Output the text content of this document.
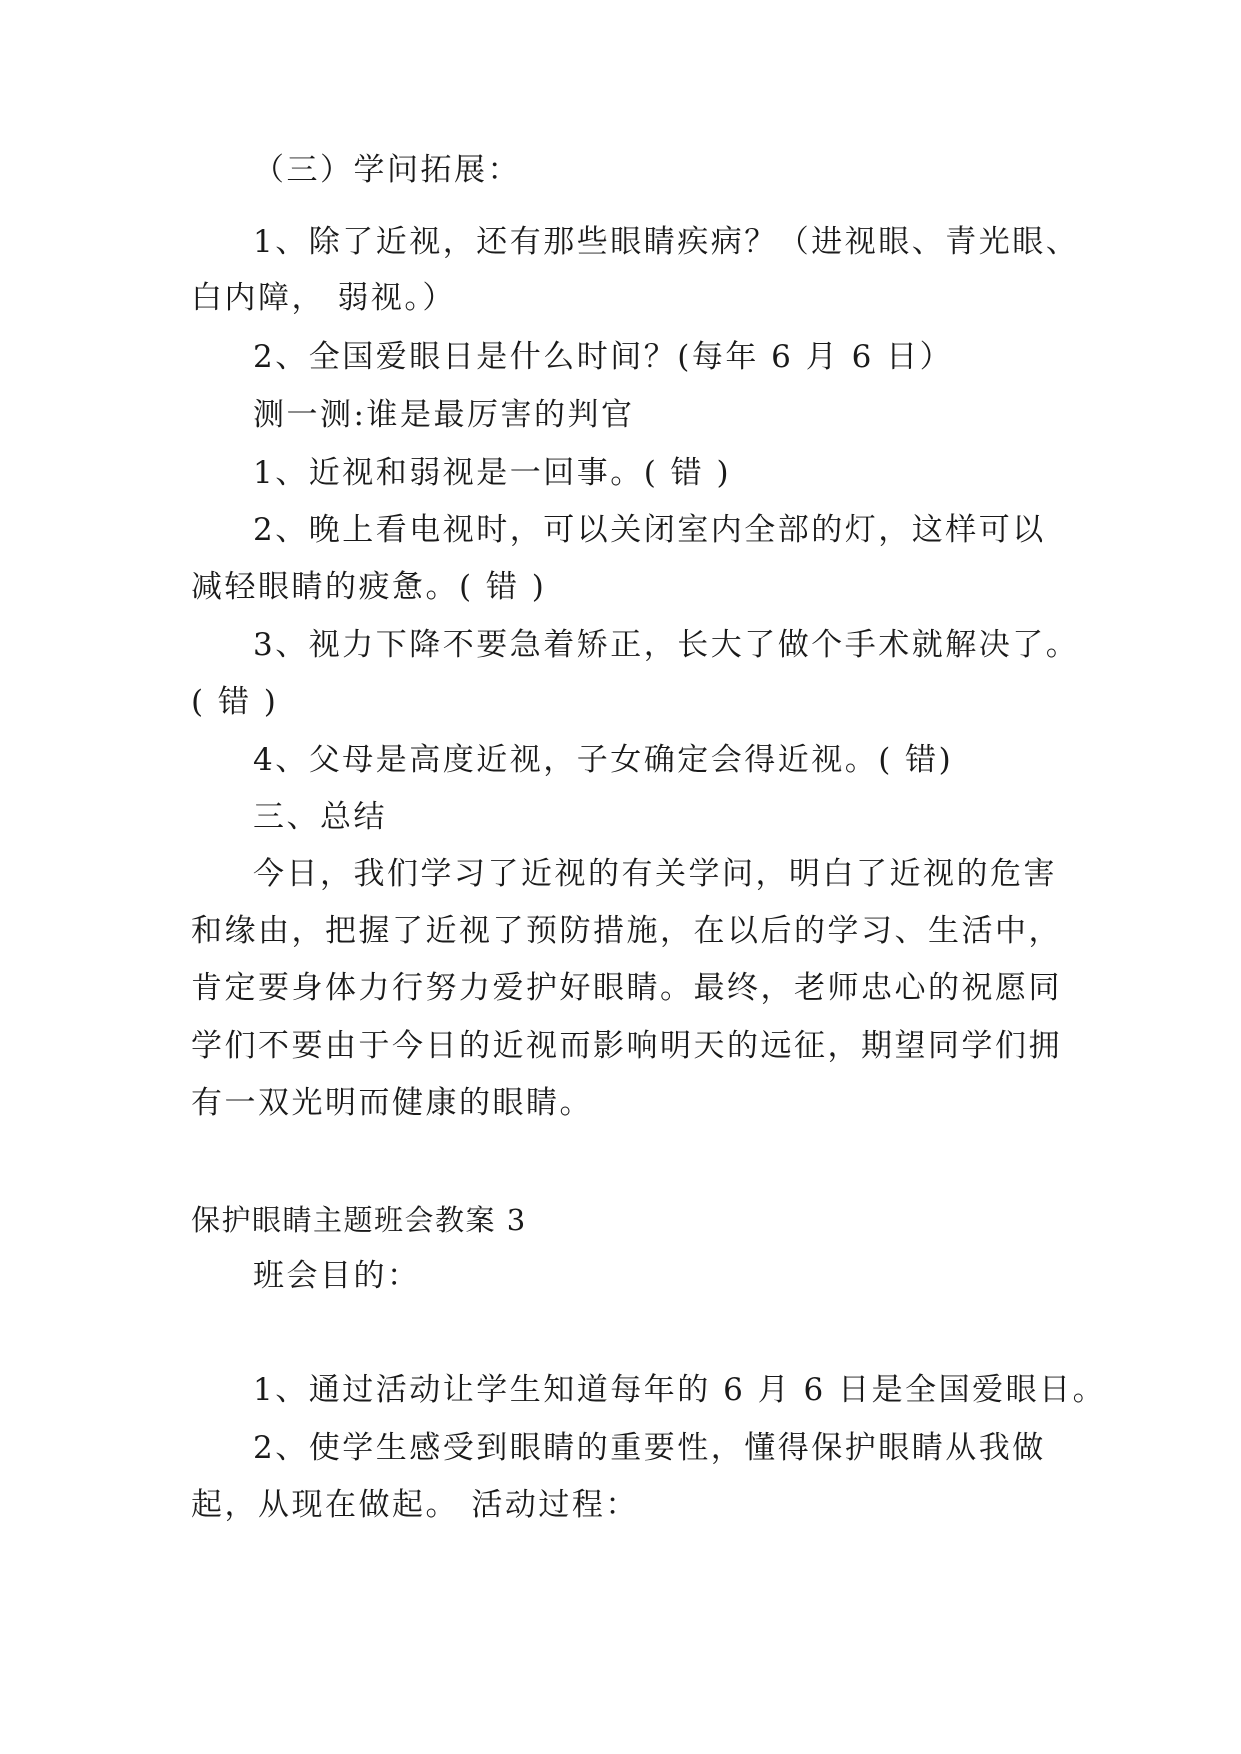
（三）学问拓展：
1、除了近视，还有那些眼睛疾病？（进视眼、青光眼、
白内障， 弱视。）
2、全国爱眼日是什么时间？(每年 6 月 6 日）
测一测:谁是最厉害的判官
1、近视和弱视是一回事。( 错 )
2、晚上看电视时，可以关闭室内全部的灯，这样可以
减轻眼睛的疲惫。( 错 )
3、视力下降不要急着矫正，长大了做个手术就解决了。
( 错 )
4、父母是高度近视，子女确定会得近视。( 错)
三、总结
今日，我们学习了近视的有关学问，明白了近视的危害
和缘由，把握了近视了预防措施，在以后的学习、生活中，
肯定要身体力行努力爱护好眼睛。最终，老师忠心的祝愿同
学们不要由于今日的近视而影响明天的远征，期望同学们拥
有一双光明而健康的眼睛。
保护眼睛主题班会教案 3
班会目的：
1、通过活动让学生知道每年的 6 月 6 日是全国爱眼日。
2、使学生感受到眼睛的重要性，懂得保护眼睛从我做
起，从现在做起。 活动过程：
